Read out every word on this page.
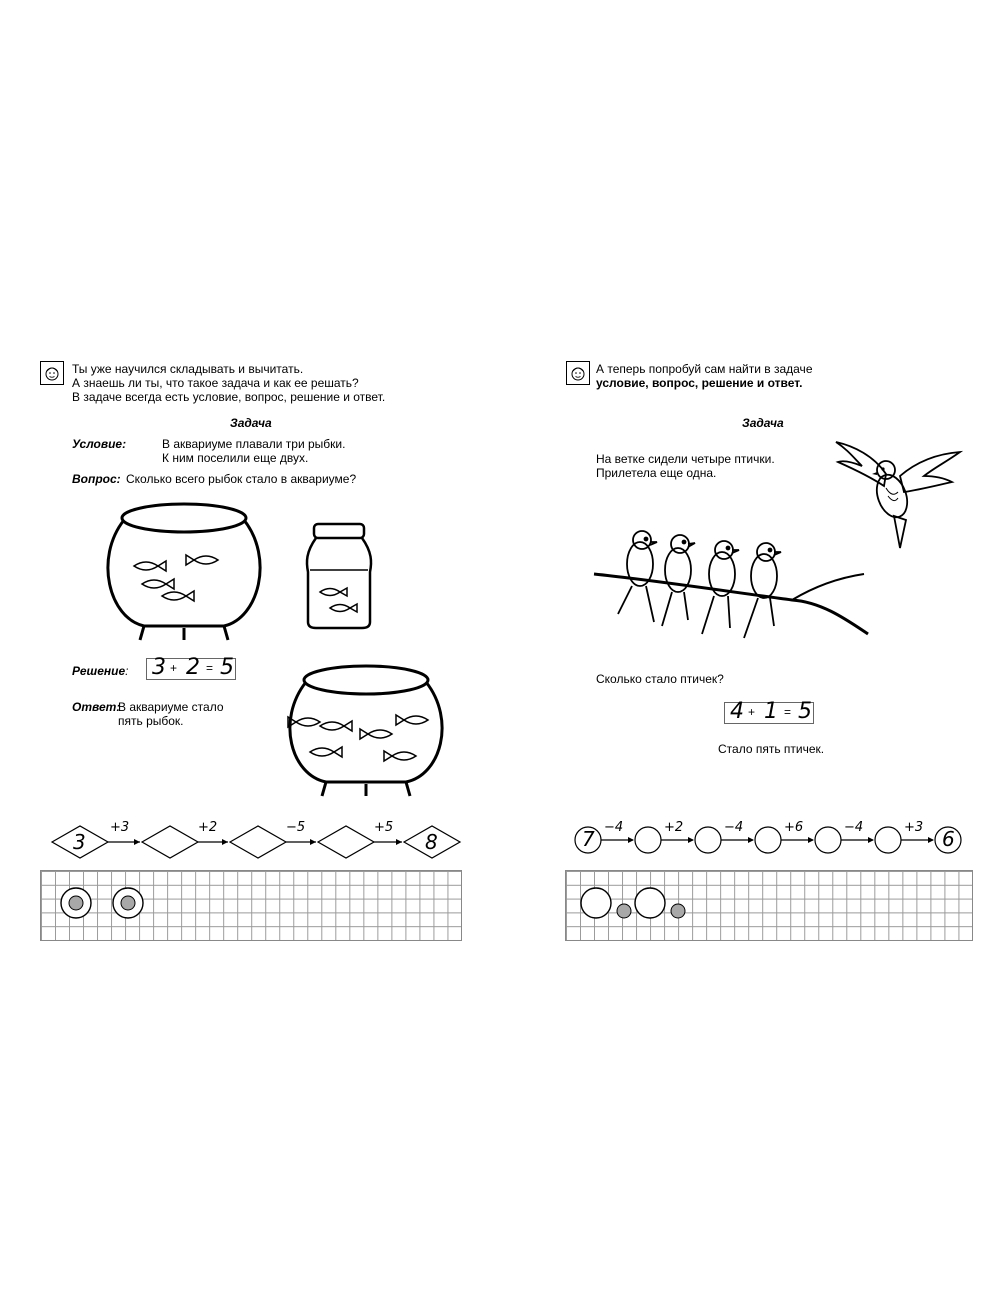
Ты уже научился складывать и вычитать.
А знаешь ли ты, что такое задача и как ее решать?
В задаче всегда есть условие, вопрос, решение и ответ.
Задача
Условие:	В аквариуме плавали три рыбки.
К ним поселили еще двух.
Вопрос: Сколько всего рыбок стало в аквариуме?
Решение: 3 + 2 = 5
Ответ:
В аквариуме стало
пять рыбок.
3
+3	+2	−5	+5
8
А теперь попробуй сам найти в задаче
условие, вопрос, решение и ответ.
Задача
На ветке сидели четыре птички.
Прилетела еще одна.
Сколько стало птичек?
4 + 1 = 5
Стало пять птичек.
7 −4	+2	−4	+6	−4	+3 6
